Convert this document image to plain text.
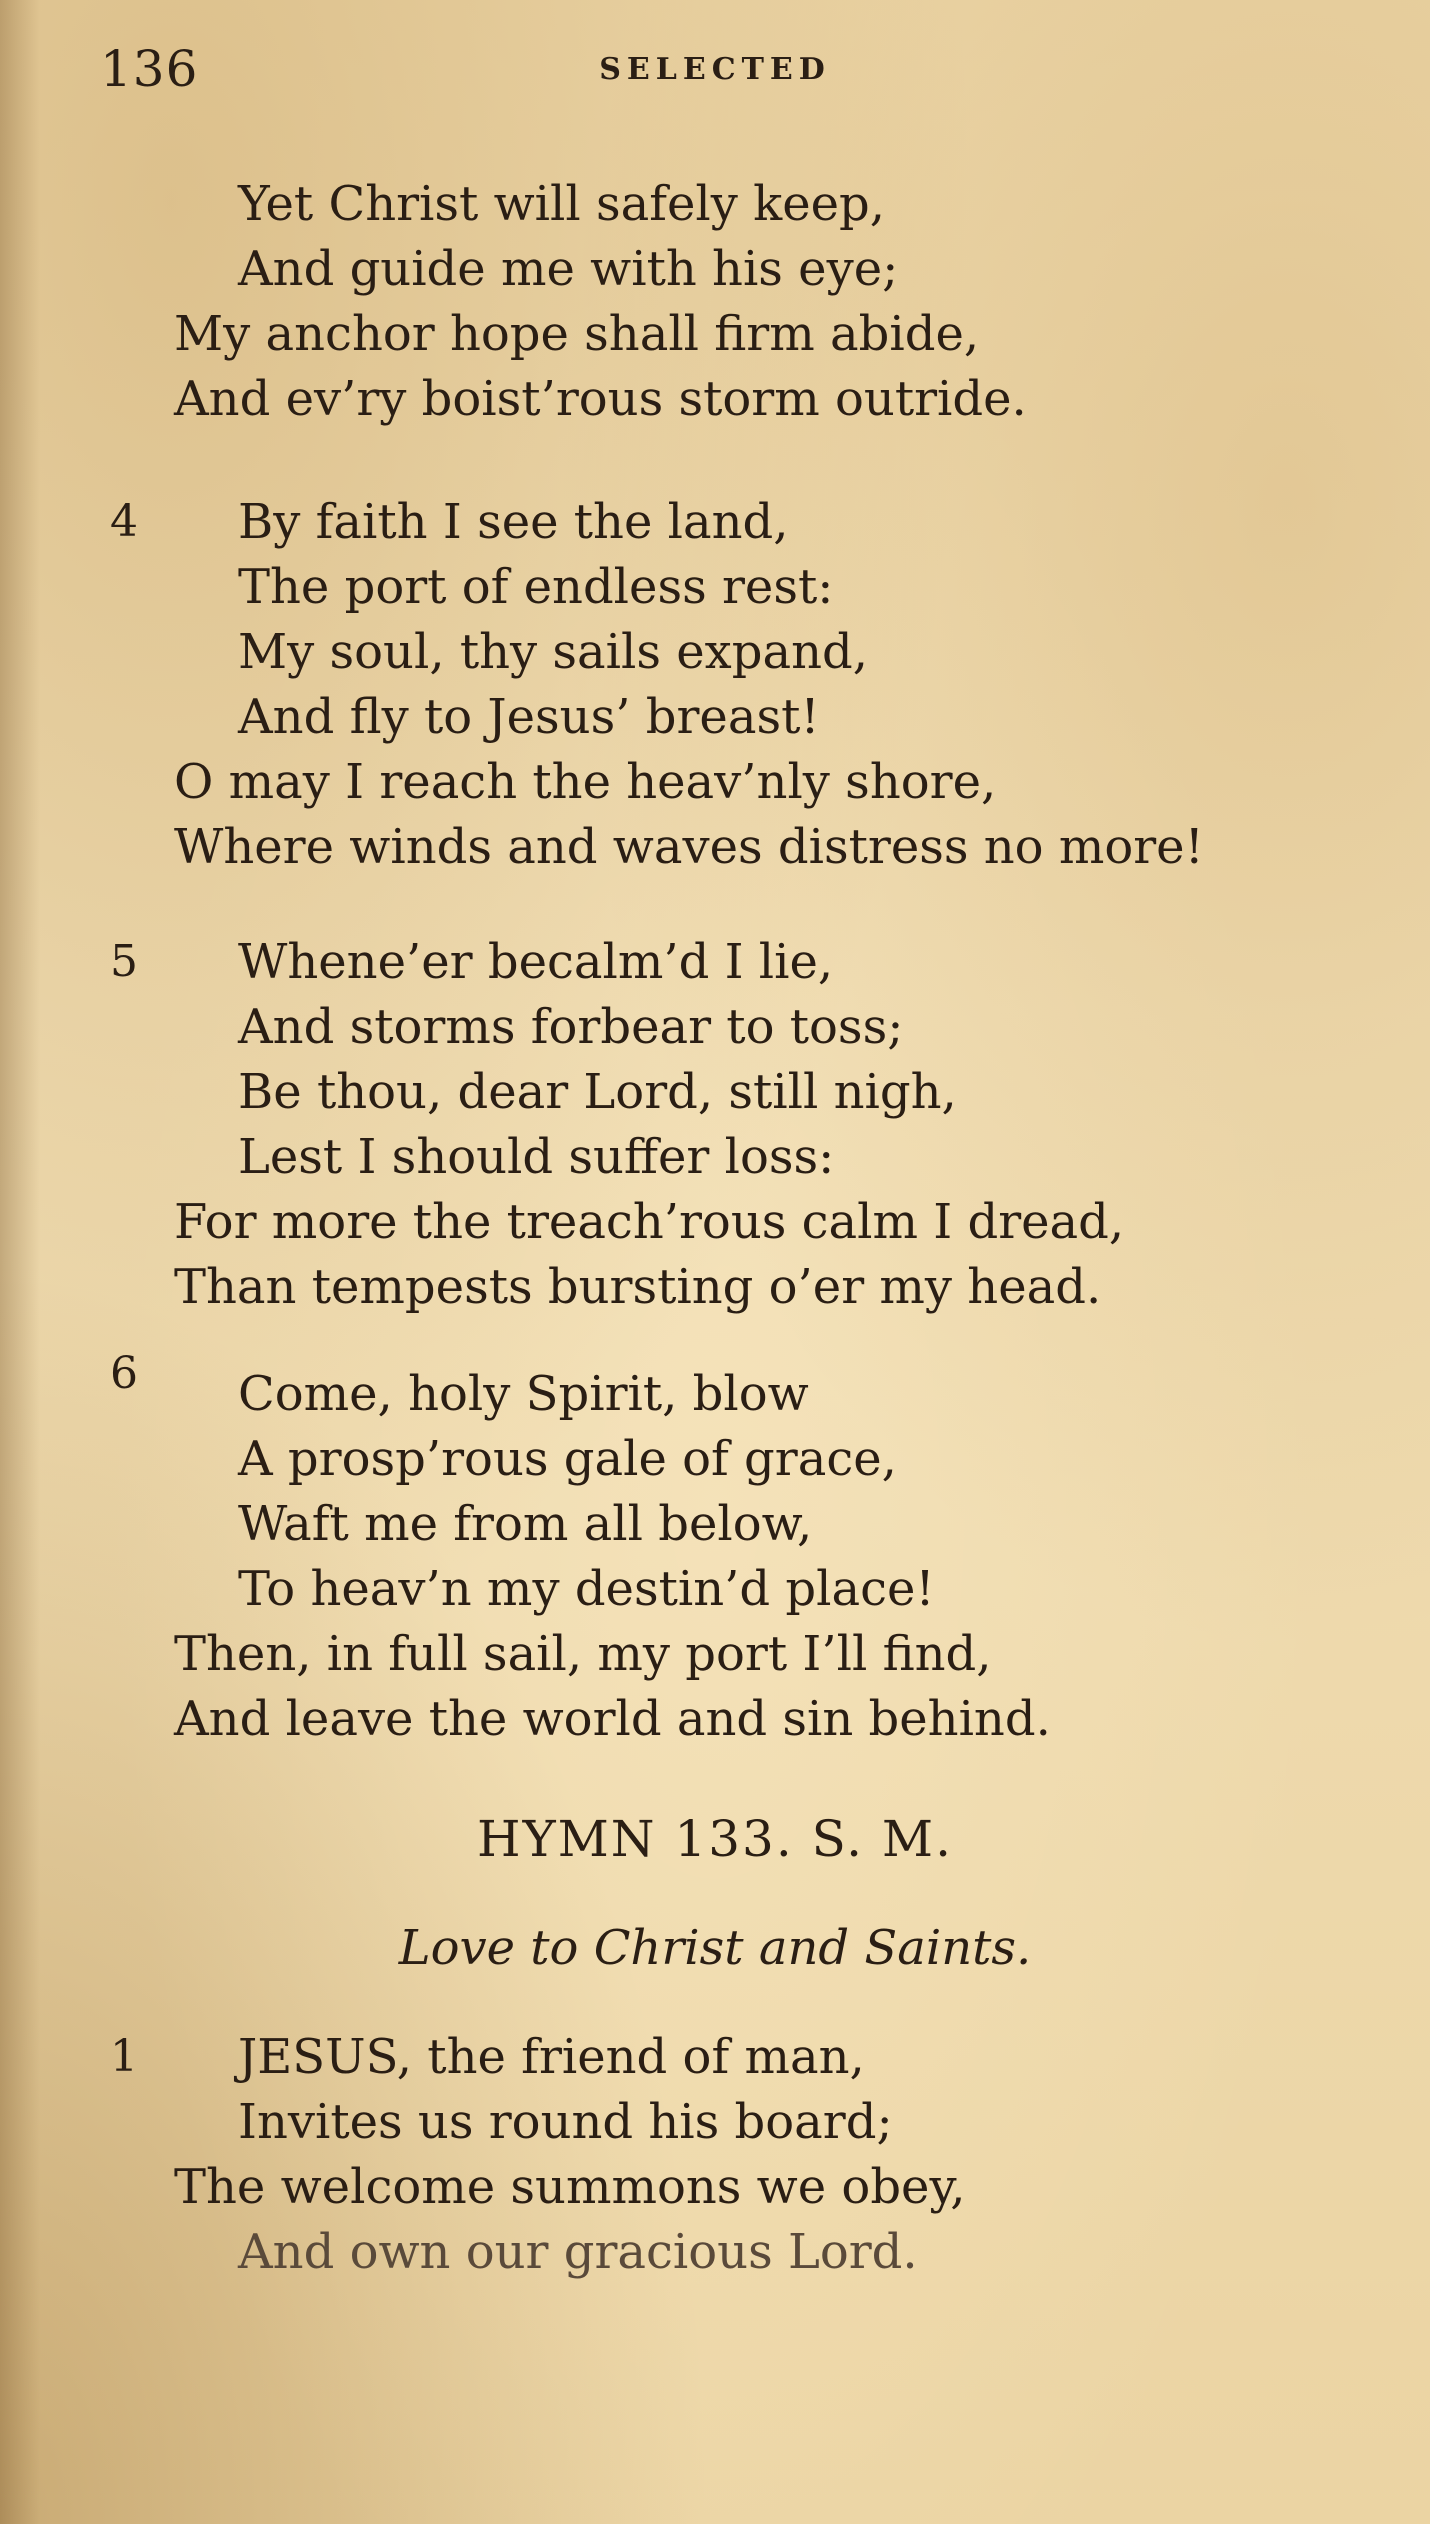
136	SELECTED
Yet Christ will safely keep,
And guide me with his eye;
My anchor hope shall firm abide,
And ev’ry boist’rous storm outride.
4 By faith I see the land,
The port of endless rest:
My soul, thy sails expand,
And fly to Jesus’ breast!
O may I reach the heav’nly shore,
Where winds and waves distress no more!
5 Whene’er becalm’d I lie,
And storms forbear to toss;
Be thou, dear Lord, still nigh,
Lest I should suffer loss:
For more the treach’rous calm I dread,
Than tempests bursting o’er my head.
6 Come, holy Spirit, blow
A prosp’rous gale of grace,
Waft me from all below,
To heav’n my destin’d place!
Then, in full sail, my port I’ll find,
And leave the world and sin behind.
HYMN 133. S. M.
Love to Christ and Saints.
1 JESUS, the friend of man,
Invites us round his board;
The welcome summons we obey,
And own our gracious Lord.
